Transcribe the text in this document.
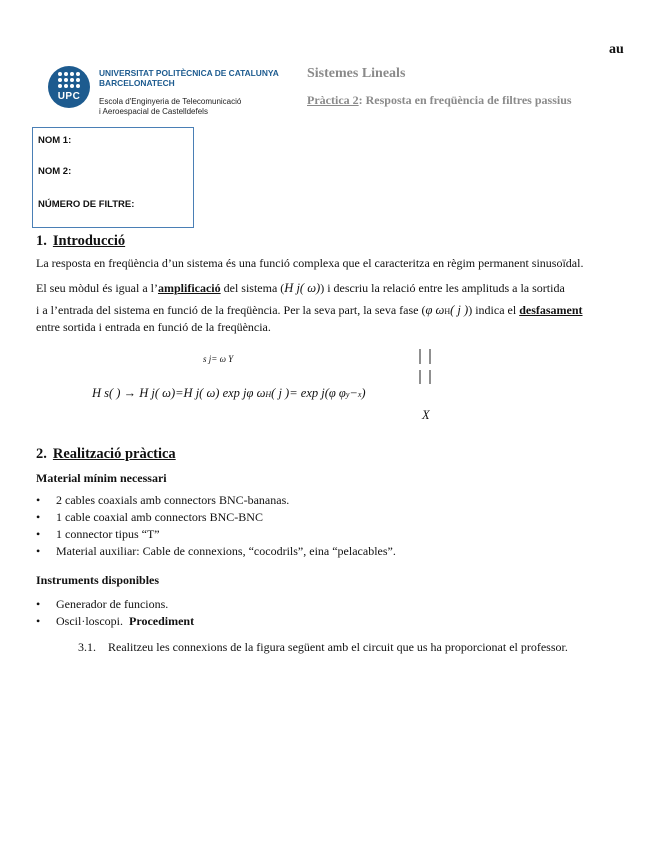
au
UPC
UNIVERSITAT POLITÈCNICA DE CATALUNYA
BARCELONATECH
Escola d'Enginyeria de Telecomunicació
i Aeroespacial de Castelldefels
Sistemes Lineals
Pràctica 2: Resposta en freqüència de filtres passius
NOM 1:
NOM 2:
NÚMERO DE FILTRE:
1. Introducció
La resposta en freqüència d’un sistema és una funció complexa que el caracteritza en règim permanent sinusoïdal.
El seu mòdul és igual a l’amplificació del sistema (H j( ω)) i descriu la relació entre les amplituds a la sortida
i a l’entrada del sistema en funció de la freqüència. Per la seva part, la seva fase (φ ωH( j )) indica el desfasament
entre sortida i entrada en funció de la freqüència.
s j= ω Y
H s( ) → H j( ω)=H j( ω) exp jφ ωH( j )= exp j(φ φy−x)
X
2. Realització pràctica
Material mínim necessari
• 2 cables coaxials amb connectors BNC-bananas.
• 1 cable coaxial amb connectors BNC-BNC
• 1 connector tipus “T”
• Material auxiliar: Cable de connexions, “cocodrils”, eina “pelacables”.
Instruments disponibles
• Generador de funcions.
• Oscil·loscopi. Procediment
3.1. Realitzeu les connexions de la figura següent amb el circuit que us ha proporcionat el professor.
